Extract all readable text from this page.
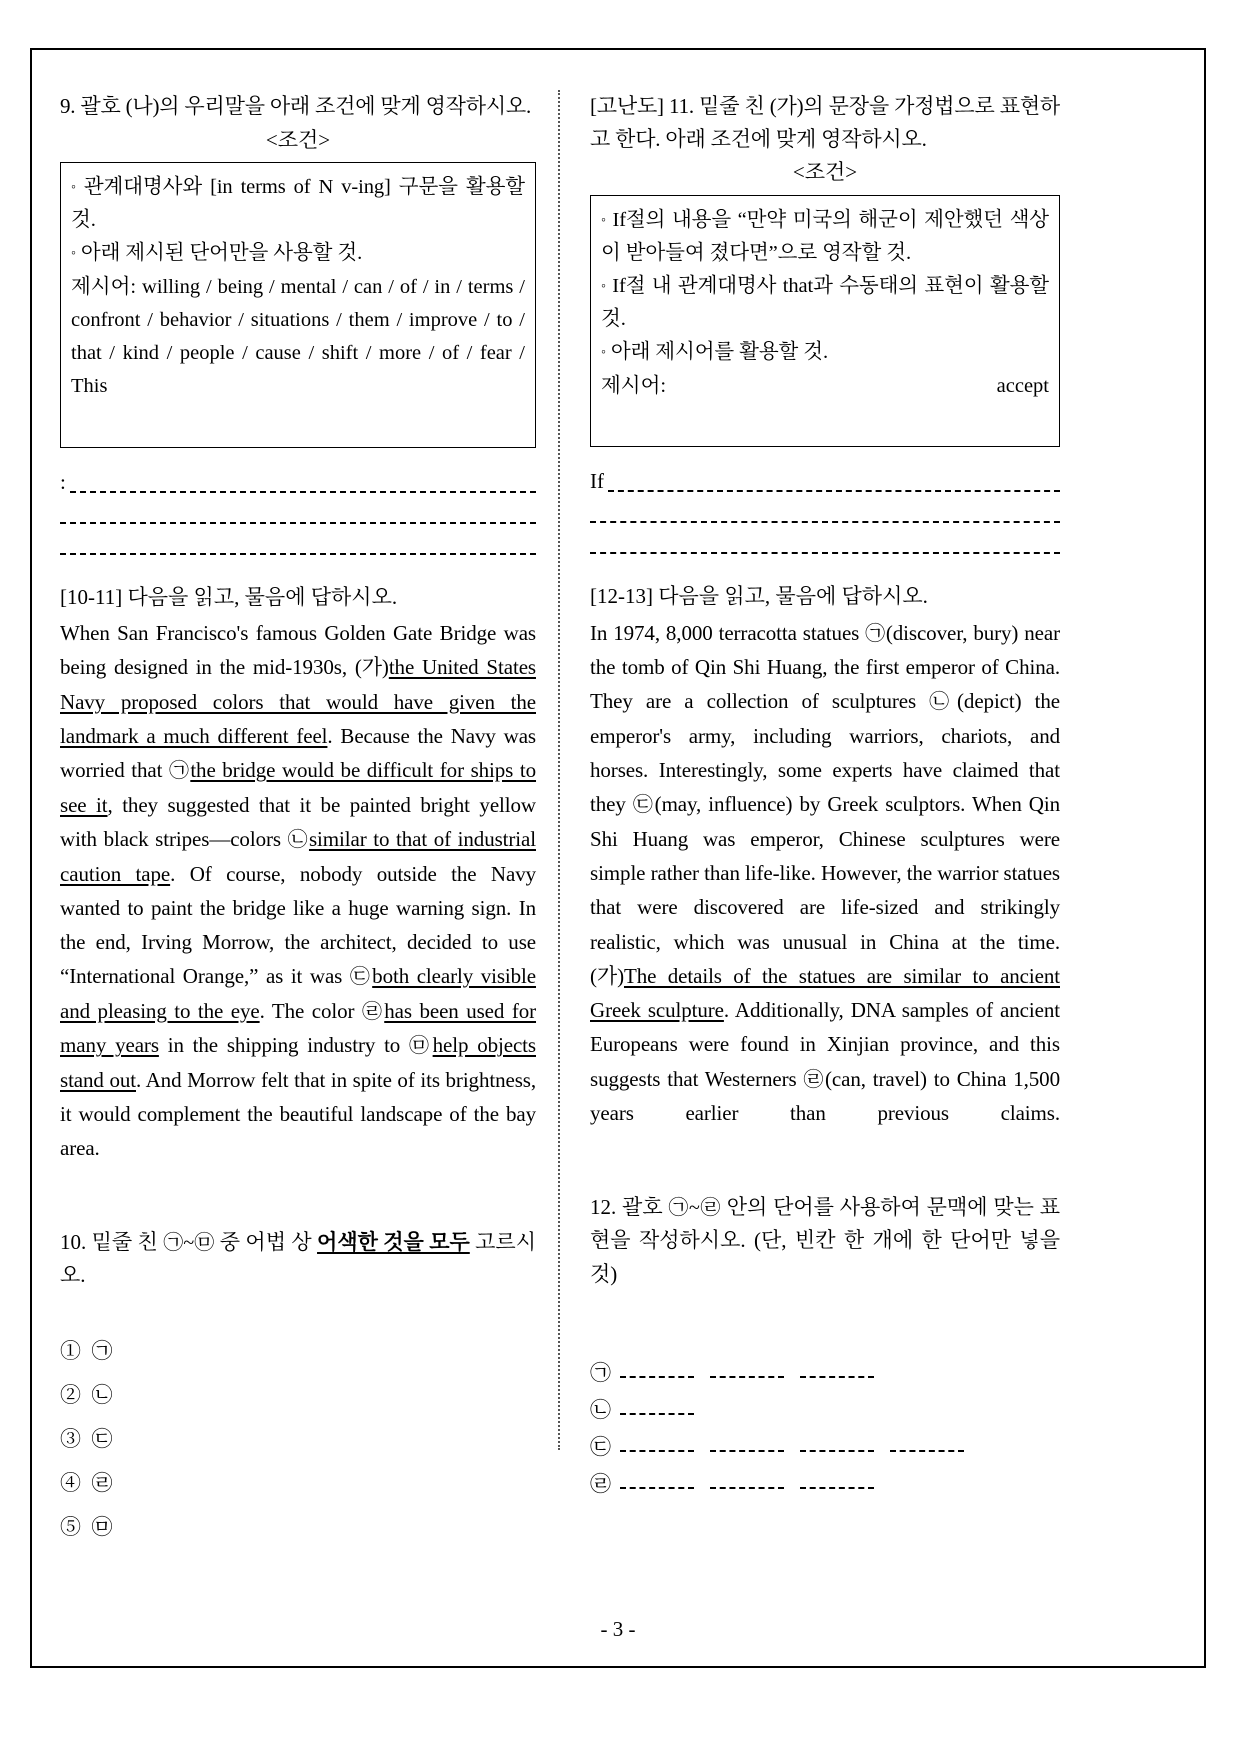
9. 괄호 (나)의 우리말을 아래 조건에 맞게 영작하시오.
<조건>
◦ 관계대명사와 [in terms of N v-ing] 구문을 활용할 것.
◦ 아래 제시된 단어만을 사용할 것.
제시어: willing / being / mental / can / of / in / terms / confront / behavior / situations / them / improve / to / that / kind / people / cause / shift / more / of / fear / This
:
[10-11] 다음을 읽고, 물음에 답하시오.
When San Francisco's famous Golden Gate Bridge was being designed in the mid-1930s, (가)the United States Navy proposed colors that would have given the landmark a much different feel. Because the Navy was worried that ㉠the bridge would be difficult for ships to see it, they suggested that it be painted bright yellow with black stripes—colors ㉡similar to that of industrial caution tape. Of course, nobody outside the Navy wanted to paint the bridge like a huge warning sign. In the end, Irving Morrow, the architect, decided to use “International Orange,” as it was ㉢both clearly visible and pleasing to the eye. The color ㉣has been used for many years in the shipping industry to ㉤help objects stand out. And Morrow felt that in spite of its brightness, it would complement the beautiful landscape of the bay area.
10. 밑줄 친 ㉠~㉤ 중 어법 상 어색한 것을 모두 고르시오.
① ㉠
② ㉡
③ ㉢
④ ㉣
⑤ ㉤
[고난도] 11. 밑줄 친 (가)의 문장을 가정법으로 표현하고 한다. 아래 조건에 맞게 영작하시오.
<조건>
◦ If절의 내용을 “만약 미국의 해군이 제안했던 색상이 받아들여 졌다면”으로 영작할 것.
◦ If절 내 관계대명사 that과 수동태의 표현이 활용할 것.
◦ 아래 제시어를 활용할 것.
제시어:	accept
If
[12-13] 다음을 읽고, 물음에 답하시오.
In 1974, 8,000 terracotta statues ㉠(discover, bury) near the tomb of Qin Shi Huang, the first emperor of China. They are a collection of sculptures ㉡(depict) the emperor's army, including warriors, chariots, and horses. Interestingly, some experts have claimed that they ㉢(may, influence) by Greek sculptors. When Qin Shi Huang was emperor, Chinese sculptures were simple rather than life-like. However, the warrior statues that were discovered are life-sized and strikingly realistic, which was unusual in China at the time. (가)The details of the statues are similar to ancient Greek sculpture. Additionally, DNA samples of ancient Europeans were found in Xinjian province, and this suggests that Westerners ㉣(can, travel) to China 1,500 years earlier than previous claims.
12. 괄호 ㉠~㉣ 안의 단어를 사용하여 문맥에 맞는 표현을 작성하시오. (단, 빈칸 한 개에 한 단어만 넣을 것)
㉠
㉡
㉢
㉣
- 3 -
